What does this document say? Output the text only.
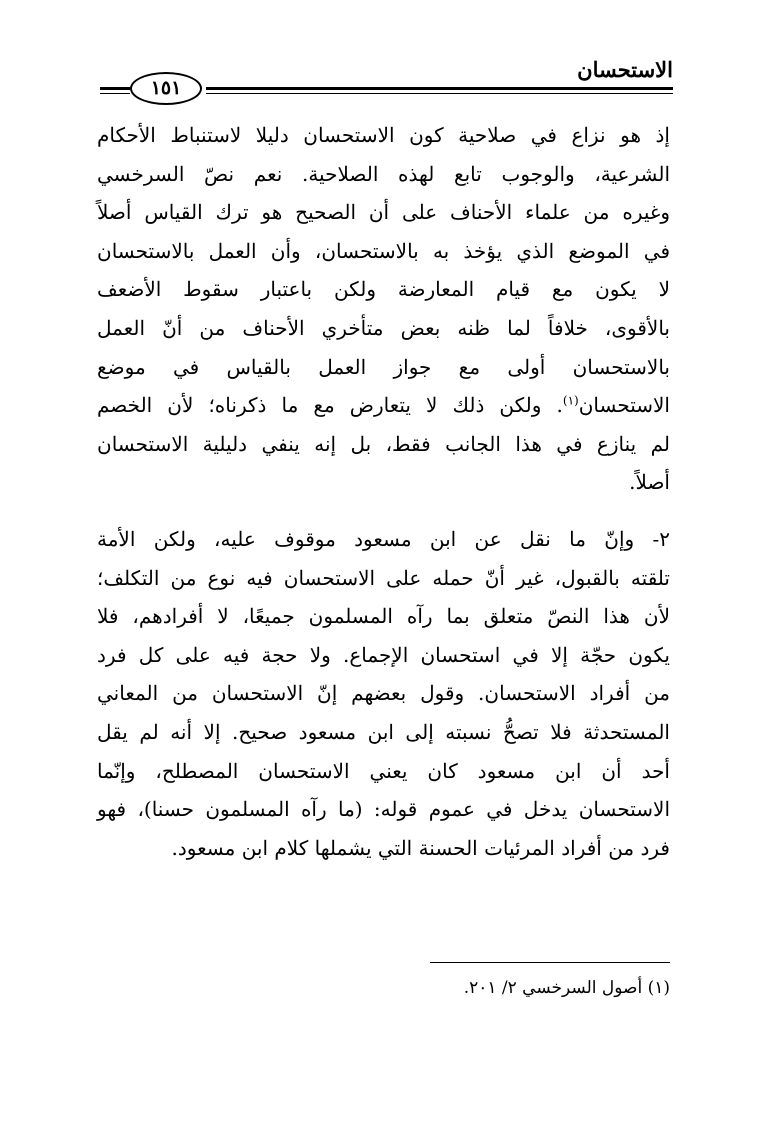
الاستحسان
١٥١

إذ هو نزاع في صلاحية كون الاستحسان دليلا لاستنباط الأحكام
الشرعية، والوجوب تابع لهذه الصلاحية. نعم نصّ السرخسي
وغيره من علماء الأحناف على أن الصحيح هو ترك القياس أصلاً
في الموضع الذي يؤخذ به بالاستحسان، وأن العمل بالاستحسان
لا يكون مع قيام المعارضة ولكن باعتبار سقوط الأضعف
بالأقوى، خلافاً لما ظنه بعض متأخري الأحناف من أنّ العمل
بالاستحسان أولى مع جواز العمل بالقياس في موضع
الاستحسان$^{(١)}$. ولكن ذلك لا يتعارض مع ما ذكرناه؛ لأن الخصم
لم ينازع في هذا الجانب فقط، بل إنه ينفي دليلية الاستحسان
أصلاً.

٢- وإنّ ما نقل عن ابن مسعود موقوف عليه، ولكن الأمة
تلقته بالقبول، غير أنّ حمله على الاستحسان فيه نوع من التكلف؛
لأن هذا النصّ متعلق بما رآه المسلمون جميعًا، لا أفرادهم، فلا
يكون حجّة إلا في استحسان الإجماع. ولا حجة فيه على كل فرد
من أفراد الاستحسان. وقول بعضهم إنّ الاستحسان من المعاني
المستحدثة فلا تصحُّ نسبته إلى ابن مسعود صحيح. إلا أنه لم يقل
أحد أن ابن مسعود كان يعني الاستحسان المصطلح، وإنّما
الاستحسان يدخل في عموم قوله: (ما رآه المسلمون حسنا)، فهو
فرد من أفراد المرئيات الحسنة التي يشملها كلام ابن مسعود.

(١) أصول السرخسي ٢/ ٢٠١.
